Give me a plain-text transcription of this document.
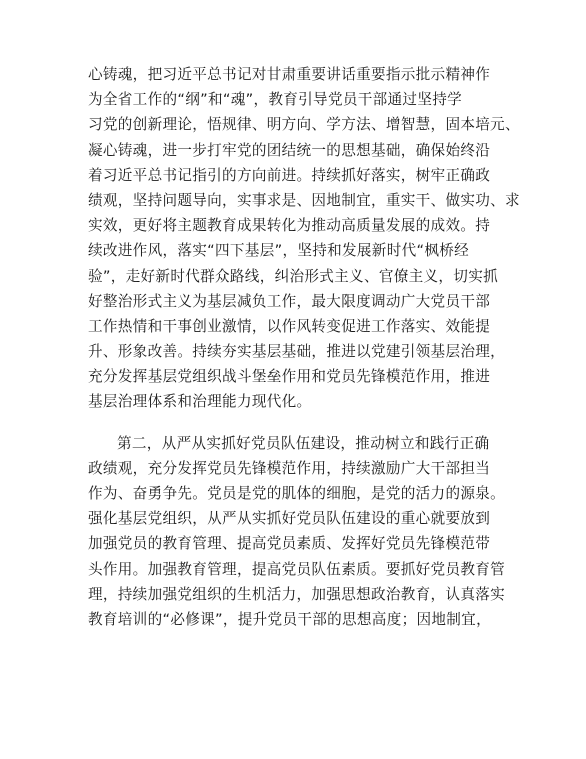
心铸魂，把习近平总书记对甘肃重要讲话重要指示批示精神作
为全省工作的“纲”和“魂”，教育引导党员干部通过坚持学
习党的创新理论，悟规律、明方向、学方法、增智慧，固本培元、
凝心铸魂，进一步打牢党的团结统一的思想基础，确保始终沿
着习近平总书记指引的方向前进。持续抓好落实，树牢正确政
绩观，坚持问题导向，实事求是、因地制宜，重实干、做实功、求
实效，更好将主题教育成果转化为推动高质量发展的成效。持
续改进作风，落实“四下基层”，坚持和发展新时代“枫桥经
验”，走好新时代群众路线，纠治形式主义、官僚主义，切实抓
好整治形式主义为基层减负工作，最大限度调动广大党员干部
工作热情和干事创业激情，以作风转变促进工作落实、效能提
升、形象改善。持续夯实基层基础，推进以党建引领基层治理，
充分发挥基层党组织战斗堡垒作用和党员先锋模范作用，推进
基层治理体系和治理能力现代化。
第二，从严从实抓好党员队伍建设，推动树立和践行正确
政绩观，充分发挥党员先锋模范作用，持续激励广大干部担当
作为、奋勇争先。党员是党的肌体的细胞，是党的活力的源泉。
强化基层党组织，从严从实抓好党员队伍建设的重心就要放到
加强党员的教育管理、提高党员素质、发挥好党员先锋模范带
头作用。加强教育管理，提高党员队伍素质。要抓好党员教育管
理，持续加强党组织的生机活力，加强思想政治教育，认真落实
教育培训的“必修课”，提升党员干部的思想高度；因地制宜，
